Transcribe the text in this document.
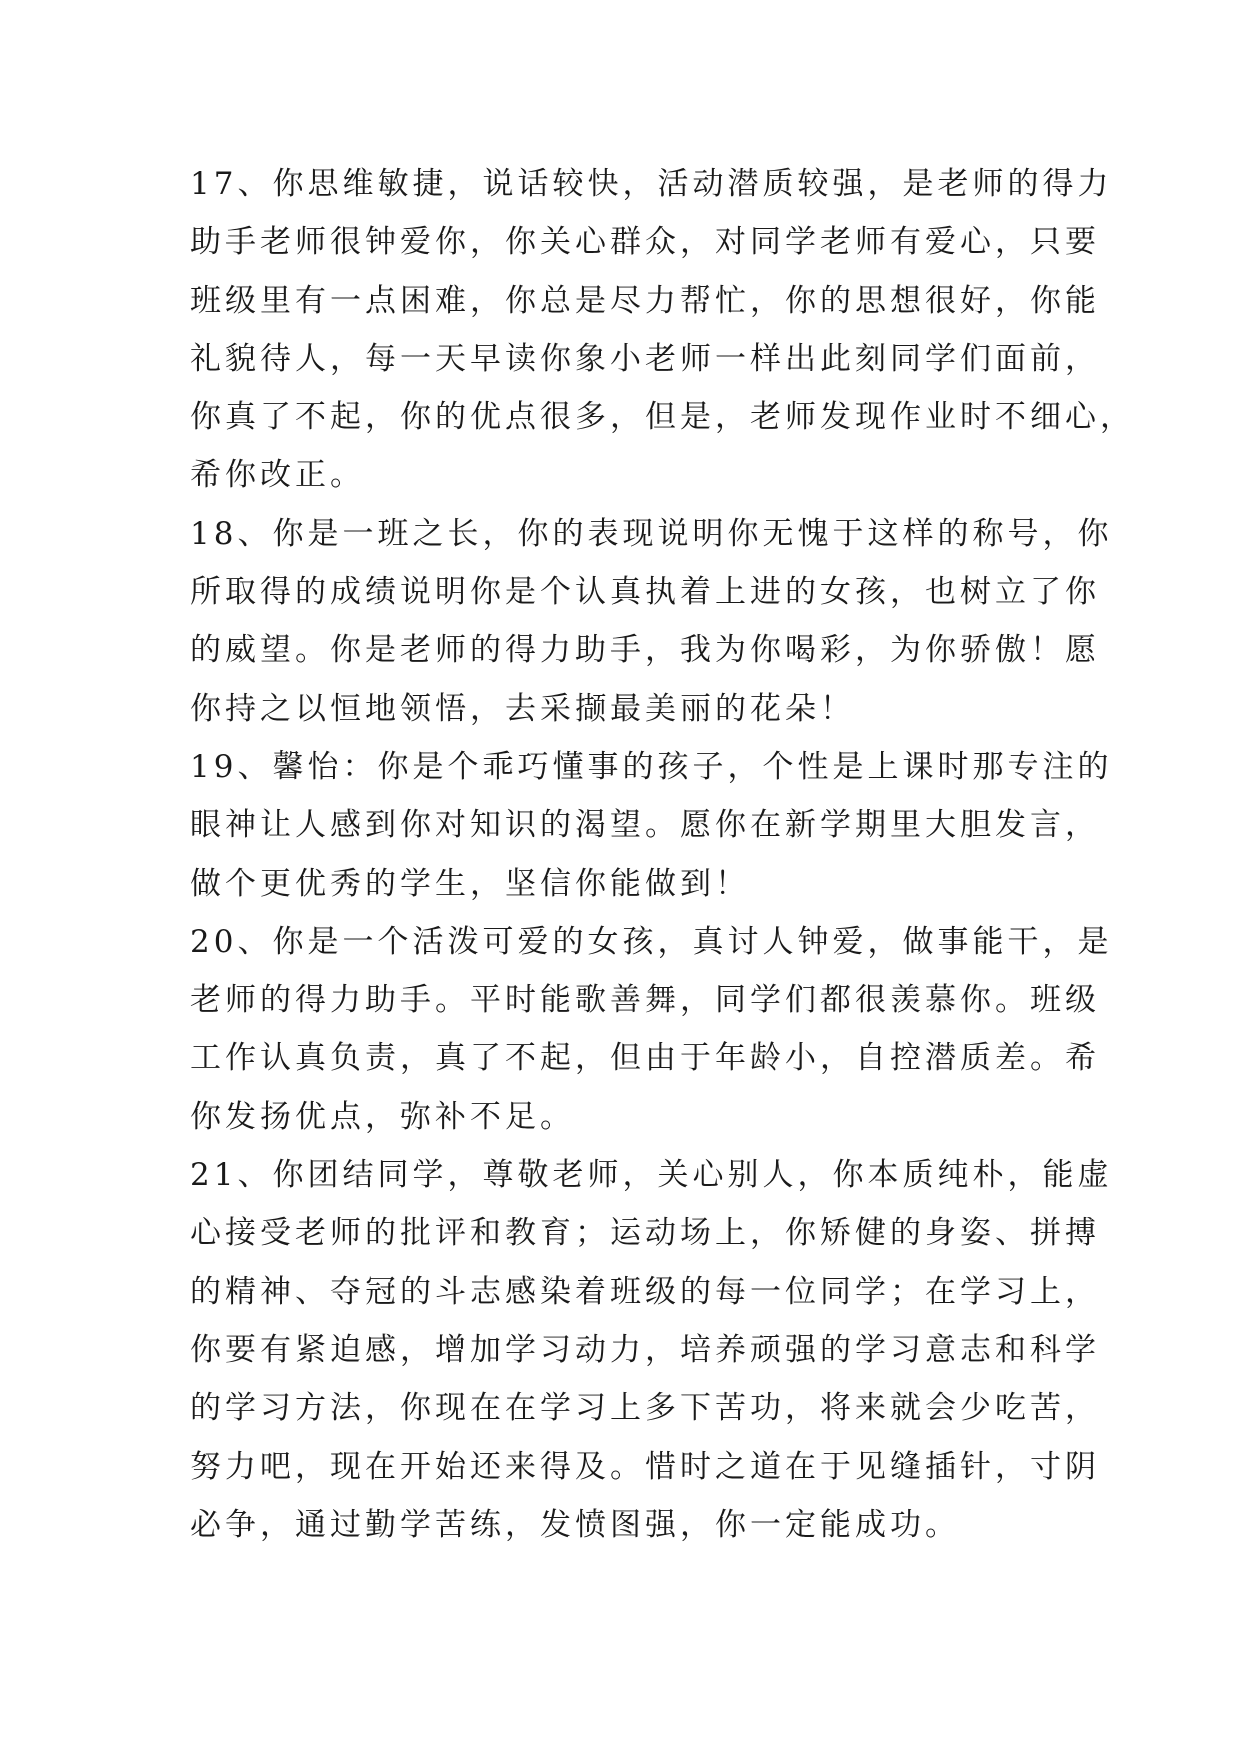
17、你思维敏捷，说话较快，活动潜质较强，是老师的得力
助手老师很钟爱你，你关心群众，对同学老师有爱心，只要
班级里有一点困难，你总是尽力帮忙，你的思想很好，你能
礼貌待人，每一天早读你象小老师一样出此刻同学们面前，
你真了不起，你的优点很多，但是，老师发现作业时不细心，
希你改正。
18、你是一班之长，你的表现说明你无愧于这样的称号，你
所取得的成绩说明你是个认真执着上进的女孩，也树立了你
的威望。你是老师的得力助手，我为你喝彩，为你骄傲！愿
你持之以恒地领悟，去采撷最美丽的花朵！
19、馨怡：你是个乖巧懂事的孩子，个性是上课时那专注的
眼神让人感到你对知识的渴望。愿你在新学期里大胆发言，
做个更优秀的学生，坚信你能做到！
20、你是一个活泼可爱的女孩，真讨人钟爱，做事能干，是
老师的得力助手。平时能歌善舞，同学们都很羡慕你。班级
工作认真负责，真了不起，但由于年龄小，自控潜质差。希
你发扬优点，弥补不足。
21、你团结同学，尊敬老师，关心别人，你本质纯朴，能虚
心接受老师的批评和教育；运动场上，你矫健的身姿、拼搏
的精神、夺冠的斗志感染着班级的每一位同学；在学习上，
你要有紧迫感，增加学习动力，培养顽强的学习意志和科学
的学习方法，你现在在学习上多下苦功，将来就会少吃苦，
努力吧，现在开始还来得及。惜时之道在于见缝插针，寸阴
必争，通过勤学苦练，发愤图强，你一定能成功。
